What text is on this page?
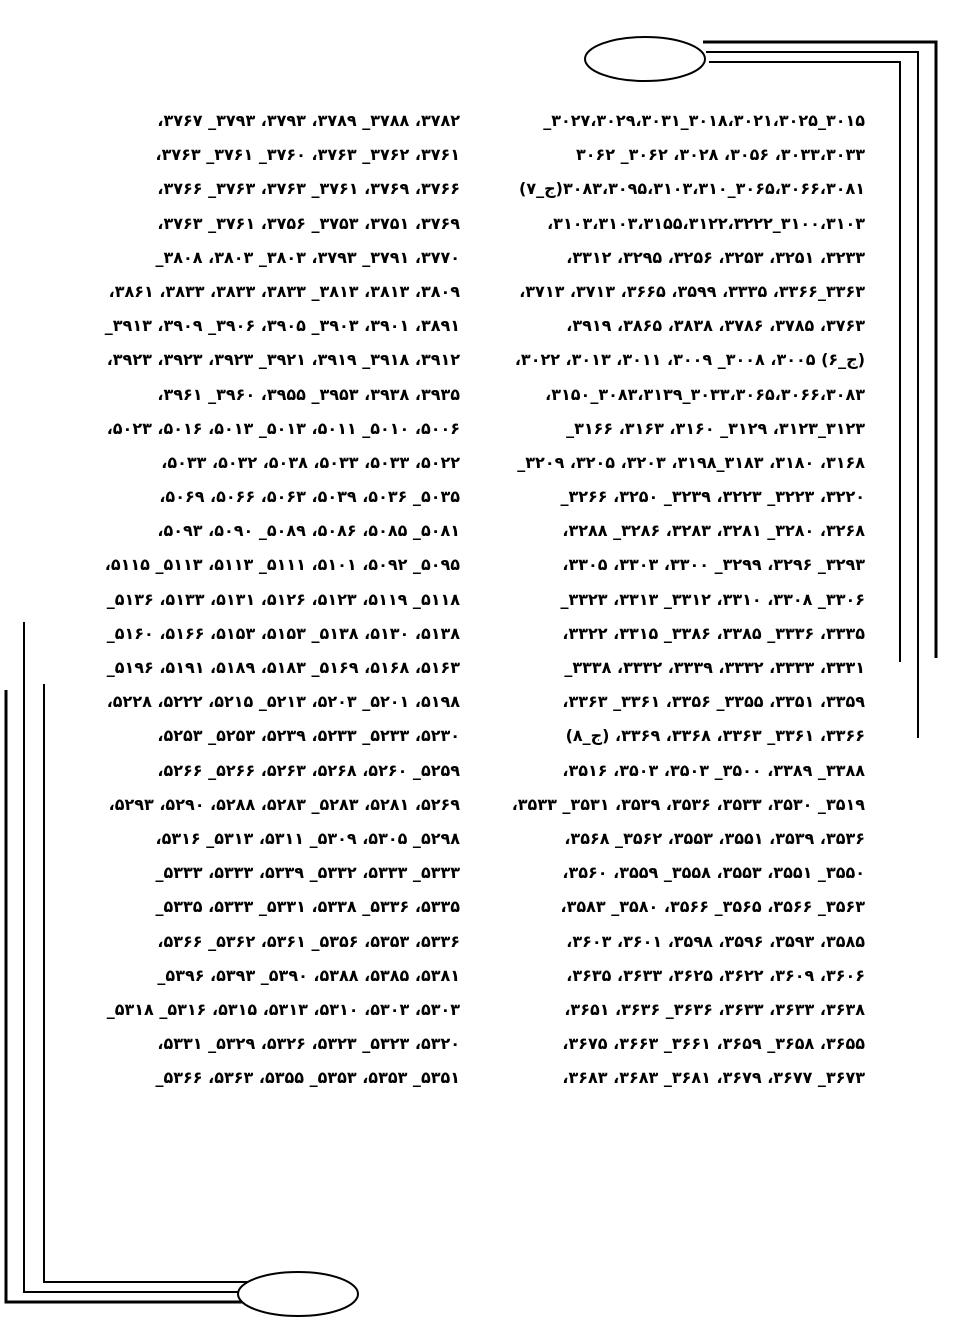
۳۰۱۵_۳۰۱۸،۳۰۲۱،۳۰۲۵_۳۰۲۷،۳۰۲۹،۳۰۳۱_
۳۰۳۳،۳۰۳۳، ۳۰۵۶، ۳۰۲۸، ۳۰۶۲_ ۳۰۶۲
۳۰۶۵،۳۰۶۶،۳۰۸۱_۳۰۸۳،۳۰۹۵،۳۱۰۳،۳۱۰(ج_۷)
۳۱۰۰،۳۱۰۳_۳۱۰۳،۳۱۰۳،۳۱۵۵،۳۱۲۲،۳۲۲۲،
۳۲۳۳، ۳۲۵۱، ۳۲۵۳، ۳۲۵۶، ۳۲۹۵، ۳۳۱۲،
۳۳۶۳_۳۳۶۶، ۳۳۳۵، ۳۵۹۹، ۳۶۶۵، ۳۷۱۳، ۳۷۱۳،
۳۷۶۳، ۳۷۸۵، ۳۷۸۶، ۳۸۳۸، ۳۸۶۵، ۳۹۱۹،
(ج_۶) ۳۰۰۵، ۳۰۰۸_ ۳۰۰۹، ۳۰۱۱، ۳۰۱۳، ۳۰۲۲،
۳۰۳۳،۳۰۶۵،۳۰۶۶،۳۰۸۳_۳۰۸۳،۳۱۳۹_۳۱۵۰،
۳۱۲۳_۳۱۲۳، ۳۱۲۹_ ۳۱۶۰، ۳۱۶۳، ۳۱۶۶_
۳۱۶۸، ۳۱۸۰، ۳۱۸۳_۳۱۹۸، ۳۲۰۳، ۳۲۰۵، ۳۲۰۹_
۳۲۲۰، ۳۲۲۳_ ۳۲۲۳، ۳۲۳۹_ ۳۲۵۰، ۳۲۶۶_
۳۲۶۸، ۳۲۸۰_ ۳۲۸۱، ۳۲۸۳، ۳۲۸۶_ ۳۲۸۸،
۳۲۹۳_ ۳۲۹۶، ۳۲۹۹_ ۳۳۰۰، ۳۳۰۳، ۳۳۰۵،
۳۳۰۶_ ۳۳۰۸، ۳۳۱۰، ۳۳۱۲_ ۳۳۱۳، ۳۳۲۳_
۳۳۳۵، ۳۳۳۶_ ۳۳۸۵، ۳۳۸۶_ ۳۳۱۵، ۳۳۲۲،
۳۳۳۱، ۳۳۳۳، ۳۳۳۲، ۳۳۳۹، ۳۳۳۲، ۳۳۳۸_
۳۳۵۹، ۳۳۵۱، ۳۳۵۵_ ۳۳۵۶، ۳۳۶۱_ ۳۳۶۳،
۳۳۶۶، ۳۳۶۱_ ۳۳۶۳، ۳۳۶۸، ۳۳۶۹، (ج_۸)
۳۳۸۸_ ۳۳۸۹، ۳۵۰۰_ ۳۵۰۳، ۳۵۰۳، ۳۵۱۶،
۳۵۱۹_ ۳۵۳۰، ۳۵۳۳، ۳۵۳۶، ۳۵۳۹، ۳۵۳۱_ ۳۵۳۳،
۳۵۳۶، ۳۵۳۹، ۳۵۵۱، ۳۵۵۳، ۳۵۶۲_ ۳۵۶۸،
۳۵۵۰_ ۳۵۵۱، ۳۵۵۳، ۳۵۵۸_ ۳۵۵۹، ۳۵۶۰،
۳۵۶۳_ ۳۵۶۶، ۳۵۶۵_ ۳۵۶۶، ۳۵۸۰_ ۳۵۸۳،
۳۵۸۵، ۳۵۹۳، ۳۵۹۶، ۳۵۹۸، ۳۶۰۱، ۳۶۰۳،
۳۶۰۶، ۳۶۰۹، ۳۶۲۲، ۳۶۲۵، ۳۶۳۳، ۳۶۳۵،
۳۶۳۸، ۳۶۳۳، ۳۶۳۳، ۳۶۳۶_ ۳۶۳۶، ۳۶۵۱،
۳۶۵۵، ۳۶۵۸_ ۳۶۵۹، ۳۶۶۱_ ۳۶۶۳، ۳۶۷۵،
۳۶۷۳_ ۳۶۷۷، ۳۶۷۹، ۳۶۸۱_ ۳۶۸۳، ۳۶۸۳،
۳۷۸۲، ۳۷۸۸_ ۳۷۸۹، ۳۷۹۳، ۳۷۹۳_ ۳۷۶۷،
۳۷۶۱، ۳۷۶۲_ ۳۷۶۳، ۳۷۶۰_ ۳۷۶۱_ ۳۷۶۳،
۳۷۶۶، ۳۷۶۹، ۳۷۶۱_ ۳۷۶۳، ۳۷۶۳_ ۳۷۶۶،
۳۷۶۹، ۳۷۵۱، ۳۷۵۳_ ۳۷۵۶، ۳۷۶۱_ ۳۷۶۳،
۳۷۷۰، ۳۷۹۱_ ۳۷۹۳، ۳۸۰۳_ ۳۸۰۳، ۳۸۰۸_
۳۸۰۹، ۳۸۱۳، ۳۸۱۳_ ۳۸۳۳، ۳۸۳۳، ۳۸۳۳، ۳۸۶۱،
۳۸۹۱، ۳۹۰۱، ۳۹۰۳_ ۳۹۰۵، ۳۹۰۶_ ۳۹۰۹، ۳۹۱۳_
۳۹۱۲، ۳۹۱۸_ ۳۹۱۹، ۳۹۲۱_ ۳۹۲۳، ۳۹۲۳، ۳۹۲۳،
۳۹۳۵، ۳۹۳۸، ۳۹۵۳_ ۳۹۵۵، ۳۹۶۰_ ۳۹۶۱،
۵۰۰۶، ۵۰۱۰_ ۵۰۱۱، ۵۰۱۳_ ۵۰۱۳، ۵۰۱۶، ۵۰۲۳،
۵۰۲۲، ۵۰۳۳، ۵۰۳۳، ۵۰۳۸، ۵۰۳۲، ۵۰۳۳،
۵۰۳۵_ ۵۰۳۶، ۵۰۳۹، ۵۰۶۳، ۵۰۶۶، ۵۰۶۹،
۵۰۸۱_ ۵۰۸۵، ۵۰۸۶، ۵۰۸۹_ ۵۰۹۰، ۵۰۹۳،
۵۰۹۵_ ۵۰۹۲، ۵۱۰۱، ۵۱۱۱_ ۵۱۱۳، ۵۱۱۳_ ۵۱۱۵،
۵۱۱۸_ ۵۱۱۹، ۵۱۲۳، ۵۱۲۶، ۵۱۳۱، ۵۱۳۳، ۵۱۳۶_
۵۱۳۸، ۵۱۳۰، ۵۱۳۸_ ۵۱۵۳، ۵۱۵۳، ۵۱۶۶، ۵۱۶۰_
۵۱۶۳، ۵۱۶۸، ۵۱۶۹_ ۵۱۸۳، ۵۱۸۹، ۵۱۹۱، ۵۱۹۶_
۵۱۹۸، ۵۲۰۱_ ۵۲۰۳، ۵۲۱۳_ ۵۲۱۵، ۵۲۲۲، ۵۲۲۸،
۵۲۳۰، ۵۲۳۳_ ۵۲۳۳، ۵۲۳۹، ۵۲۵۳_ ۵۲۵۳،
۵۲۵۹_ ۵۲۶۰، ۵۲۶۸، ۵۲۶۳، ۵۲۶۶_ ۵۲۶۶،
۵۲۶۹، ۵۲۸۱، ۵۲۸۳_ ۵۲۸۳، ۵۲۸۸، ۵۲۹۰، ۵۲۹۳،
۵۲۹۸_ ۵۳۰۵، ۵۳۰۹_ ۵۳۱۱، ۵۳۱۳_ ۵۳۱۶،
۵۳۳۳_ ۵۳۳۳، ۵۳۳۲_ ۵۳۳۹، ۵۳۳۳، ۵۳۳۳_
۵۳۳۵، ۵۳۳۶_ ۵۳۳۸، ۵۳۳۱_ ۵۳۳۳، ۵۳۳۵_
۵۳۳۶، ۵۳۵۳، ۵۳۵۶_ ۵۳۶۱، ۵۳۶۲_ ۵۳۶۶،
۵۳۸۱، ۵۳۸۵، ۵۳۸۸، ۵۳۹۰_ ۵۳۹۳، ۵۳۹۶_
۵۳۰۳، ۵۳۰۳، ۵۳۱۰، ۵۳۱۳، ۵۳۱۵، ۵۳۱۶_ ۵۳۱۸_
۵۳۲۰، ۵۳۲۳_ ۵۳۲۳، ۵۳۲۶، ۵۳۲۹_ ۵۳۳۱،
۵۳۵۱_ ۵۳۵۳، ۵۳۵۳_ ۵۳۵۵، ۵۳۶۳، ۵۳۶۶_
